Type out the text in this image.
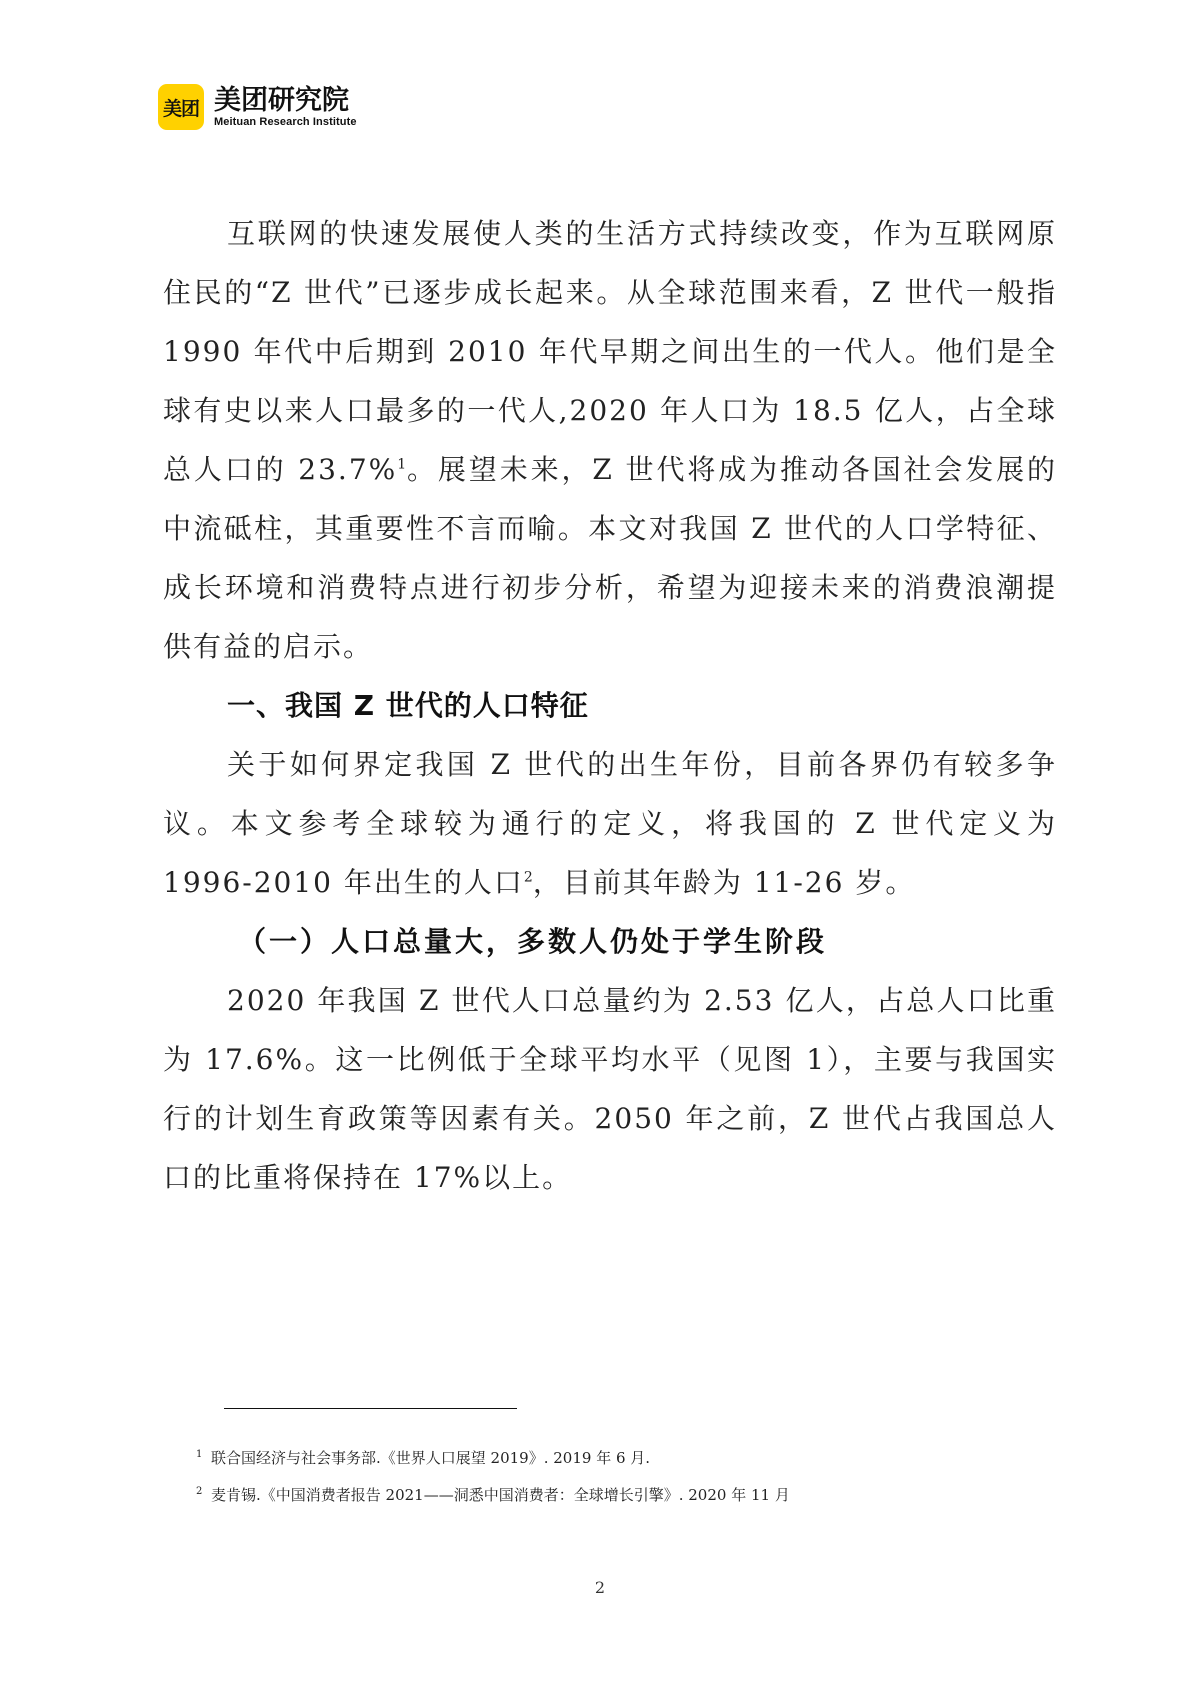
美团 美团研究院
Meituan Research Institute

互联网的快速发展使人类的生活方式持续改变，作为互联网原住民的“Z 世代”已逐步成长起来。从全球范围来看，Z 世代一般指 1990 年代中后期到 2010 年代早期之间出生的一代人。他们是全球有史以来人口最多的一代人,2020 年人口为 18.5 亿人，占全球总人口的 23.7%$^1$。展望未来，Z 世代将成为推动各国社会发展的中流砥柱，其重要性不言而喻。本文对我国 Z 世代的人口学特征、成长环境和消费特点进行初步分析，希望为迎接未来的消费浪潮提供有益的启示。

一、我国 Z 世代的人口特征

关于如何界定我国 Z 世代的出生年份，目前各界仍有较多争议。本文参考全球较为通行的定义，将我国的 Z 世代定义为 1996-2010 年出生的人口$^2$，目前其年龄为 11-26 岁。

（一）人口总量大，多数人仍处于学生阶段

2020 年我国 Z 世代人口总量约为 2.53 亿人，占总人口比重为 17.6%。这一比例低于全球平均水平（见图 1），主要与我国实行的计划生育政策等因素有关。2050 年之前，Z 世代占我国总人口的比重将保持在 17%以上。

1 联合国经济与社会事务部.《世界人口展望 2019》. 2019 年 6 月.
2 麦肯锡.《中国消费者报告 2021——洞悉中国消费者：全球增长引擎》. 2020 年 11 月
2
